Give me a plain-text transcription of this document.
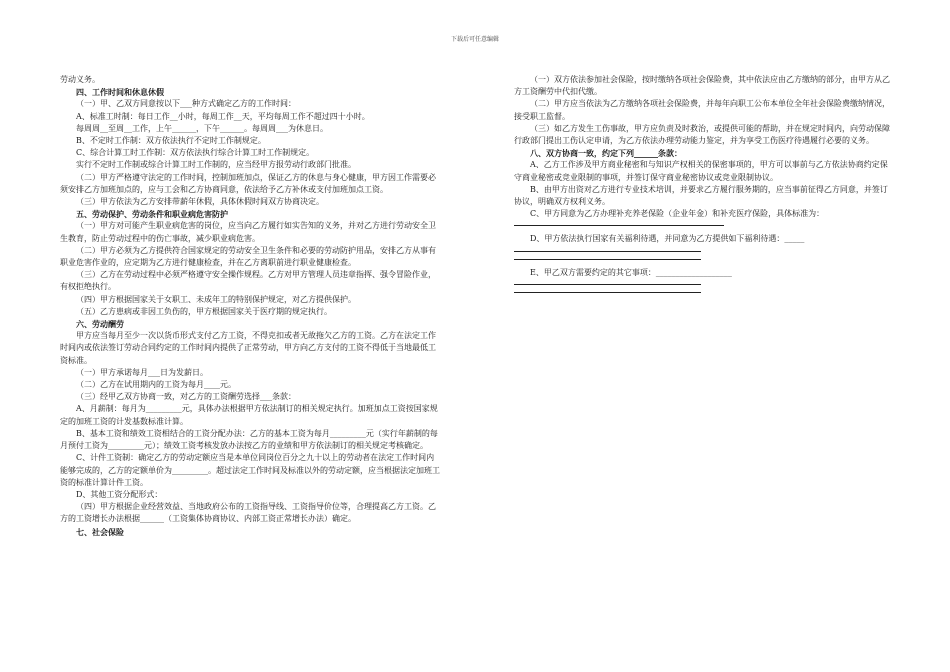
下载后可任意编辑

劳动义务。

四、工作时间和休息休假

（一）甲、乙双方同意按以下___种方式确定乙方的工作时间：

A、标准工时制：每日工作__小时，每周工作__天，平均每周工作不超过四十小时。

每周周__至周__工作，上午______，下午______。每周周___为休息日。

B、不定时工作制：双方依法执行不定时工作制规定。

C、综合计算工时工作制：双方依法执行综合计算工时工作制规定。

实行不定时工作制或综合计算工时工作制的，应当经甲方报劳动行政部门批准。

（二）甲方严格遵守法定的工作时间，控制加班加点，保证乙方的休息与身心健康，甲方因工作需要必须安排乙方加班加点的，应与工会和乙方协商同意，依法给予乙方补休或支付加班加点工资。

（三）甲方依法为乙方安排带薪年休假，具体休假时间双方协商决定。

五、劳动保护、劳动条件和职业病危害防护

（一）甲方对可能产生职业病危害的岗位，应当向乙方履行如实告知的义务，并对乙方进行劳动安全卫生教育，防止劳动过程中的伤亡事故，减少职业病危害。

（二）甲方必须为乙方提供符合国家规定的劳动安全卫生条件和必要的劳动防护用品，安排乙方从事有职业危害作业的，应定期为乙方进行健康检查，并在乙方离职前进行职业健康检查。

（三）乙方在劳动过程中必须严格遵守安全操作规程。乙方对甲方管理人员违章指挥、强令冒险作业，有权拒绝执行。

（四）甲方根据国家关于女职工、未成年工的特别保护规定，对乙方提供保护。

（五）乙方患病或非因工负伤的，甲方根据国家关于医疗期的规定执行。

六、劳动酬劳

甲方应当每月至少一次以货币形式支付乙方工资，不得克扣或者无故拖欠乙方的工资。乙方在法定工作时间内或依法签订劳动合同约定的工作时间内提供了正常劳动，甲方向乙方支付的工资不得低于当地最低工资标准。

（一）甲方承诺每月___日为发薪日。

（二）乙方在试用期内的工资为每月____元。

（三）经甲乙双方协商一致，对乙方的工资酬劳选择___条款：

A、月薪制：每月为_________元，具体办法根据甲方依法制订的相关规定执行。加班加点工资按国家规定的加班工资的计发基数标准计算。

B、基本工资和绩效工资相结合的工资分配办法：乙方的基本工资为每月_________元（实行年薪制的每月预付工资为_________元）；绩效工资考核发放办法按乙方的业绩和甲方依法制订的相关规定考核确定。

C、计件工资制：确定乙方的劳动定额应当是本单位同岗位百分之九十以上的劳动者在法定工作时间内能够完成的，乙方的定额单价为_________。超过法定工作时间及标准以外的劳动定额，应当根据法定加班工资的标准计算计件工资。

D、其他工资分配形式：

（四）甲方根据企业经营效益、当地政府公布的工资指导线、工资指导价位等，合理提高乙方工资。乙方的工资增长办法根据______（工资集体协商协议、内部工资正常增长办法）确定。

七、社会保险

（一）双方依法参加社会保险，按时缴纳各项社会保险费，其中依法应由乙方缴纳的部分，由甲方从乙方工资酬劳中代扣代缴。

（二）甲方应当依法为乙方缴纳各项社会保险费，并每年向职工公布本单位全年社会保险费缴纳情况，接受职工监督。

（三）如乙方发生工伤事故，甲方应负责及时救治，或提供可能的帮助，并在规定时间内，向劳动保障行政部门提出工伤认定申请，为乙方依法办理劳动能力鉴定，并为享受工伤医疗待遇履行必要的义务。

八、双方协商一致，约定下列______条款：

A、乙方工作涉及甲方商业秘密和与知识产权相关的保密事项的，甲方可以事前与乙方依法协商约定保守商业秘密或竞业限制的事项，并签订保守商业秘密协议或竞业限制协议。

B、由甲方出资对乙方进行专业技术培训，并要求乙方履行服务期的，应当事前征得乙方同意，并签订协议，明确双方权利义务。

C、甲方同意为乙方办理补充养老保险（企业年金）和补充医疗保险，具体标准为：

D、甲方依法执行国家有关福利待遇，并同意为乙方提供如下福利待遇：_____

E、甲乙双方需要约定的其它事项：___________________
